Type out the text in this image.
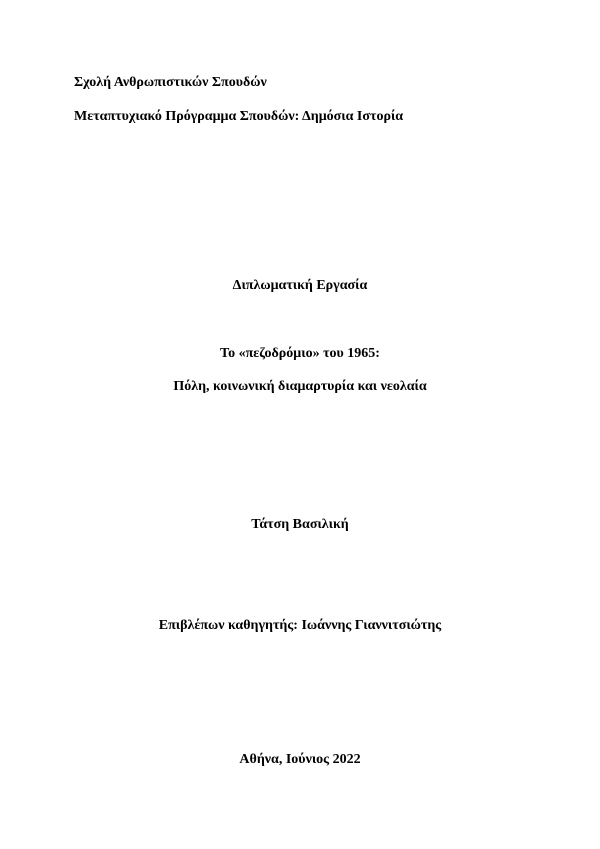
Σχολή Ανθρωπιστικών Σπουδών
Μεταπτυχιακό Πρόγραμμα Σπουδών: Δημόσια Ιστορία
Διπλωματική Εργασία
Το «πεζοδρόμιο» του 1965:
Πόλη, κοινωνική διαμαρτυρία και νεολαία
Τάτση Βασιλική
Επιβλέπων καθηγητής: Ιωάννης Γιαννιτσιώτης
Αθήνα, Ιούνιος 2022
